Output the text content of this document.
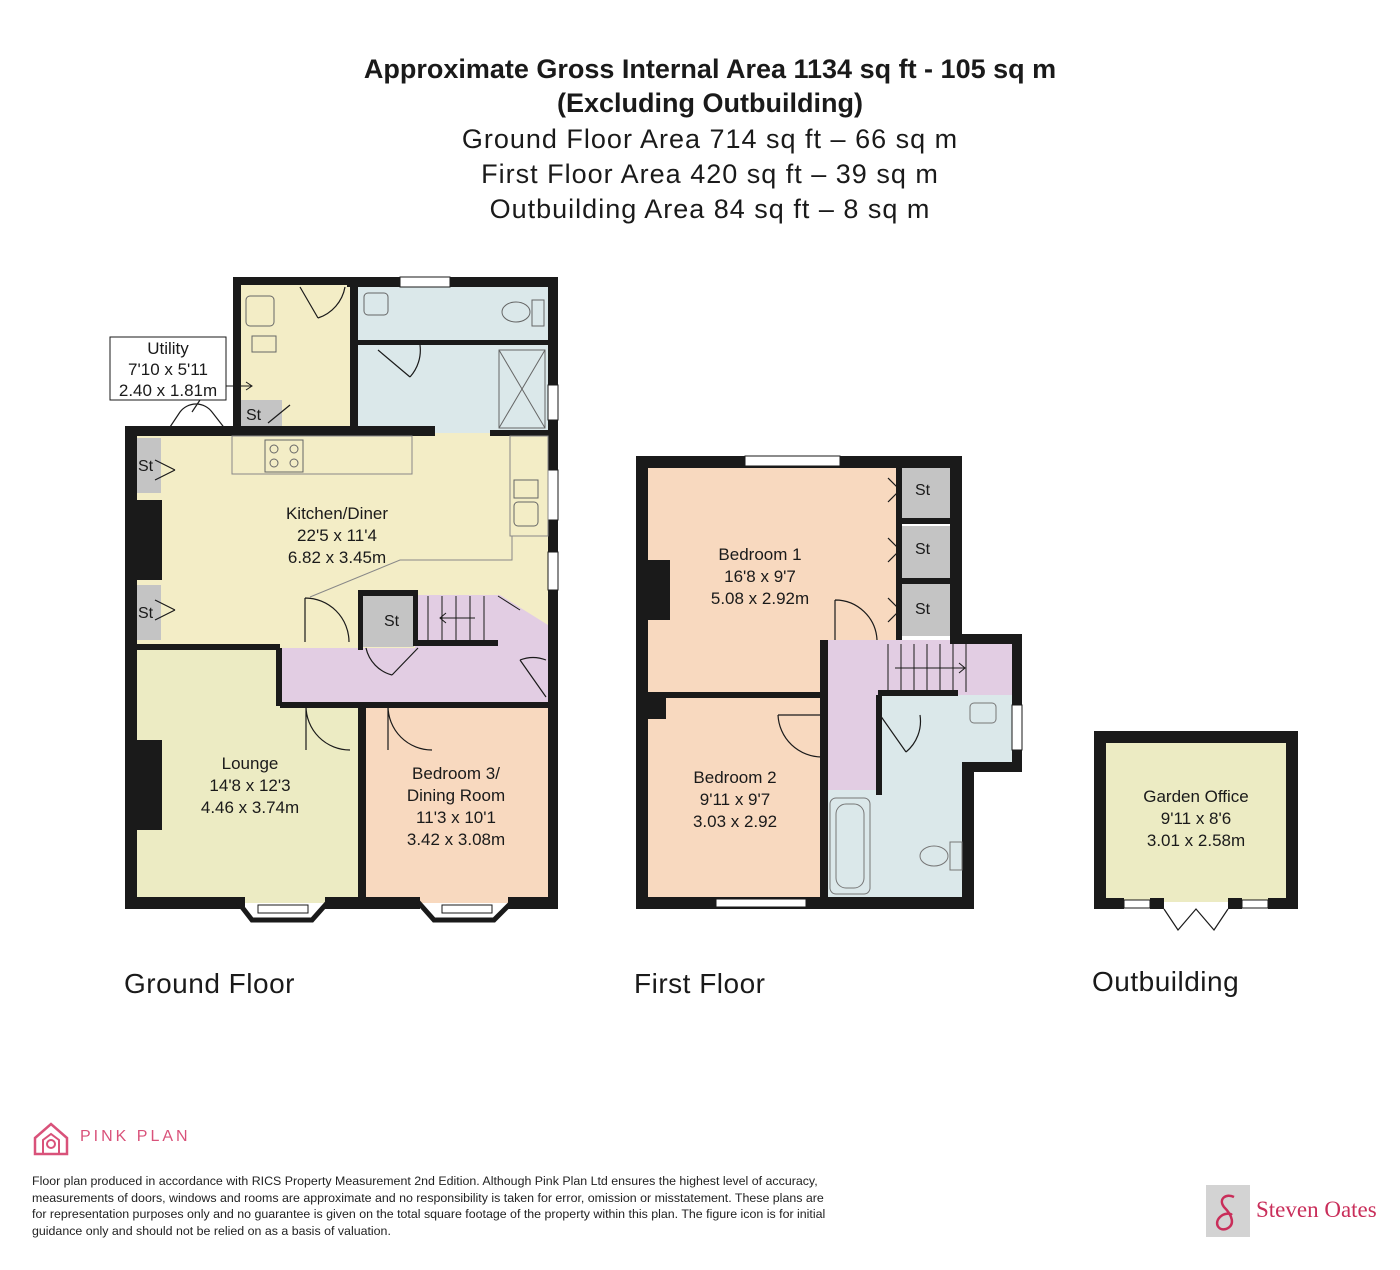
Approximate Gross Internal Area 1134 sq ft - 105 sq m
(Excluding Outbuilding)
Ground Floor Area 714 sq ft – 66 sq m
First Floor Area 420 sq ft – 39 sq m
Outbuilding Area 84 sq ft – 8 sq m
Utility
7'10 x 5'11
2.40 x 1.81m
Kitchen/Diner
22'5 x 11'4
6.82 x 3.45m
Lounge
14'8 x 12'3
4.46 x 3.74m
Bedroom 3/
Dining Room
11'3 x 10'1
3.42 x 3.08m
St
St
St	St
Bedroom 1
16'8 x 9'7
5.08 x 2.92m
Bedroom 2
9'11 x 9'7
3.03 x 2.92
St
St
St
Garden Office
9'11 x 8'6
3.01 x 2.58m
Ground Floor	First Floor	Outbuilding
PINK PLAN
Floor plan produced in accordance with RICS Property Measurement 2nd Edition. Although Pink Plan Ltd ensures the highest level of accuracy, measurements of doors, windows and rooms are approximate and no responsibility is taken for error, omission or misstatement. These plans are for representation purposes only and no guarantee is given on the total square footage of the property within this plan. The figure icon is for initial guidance only and should not be relied on as a basis of valuation.
Steven Oates
